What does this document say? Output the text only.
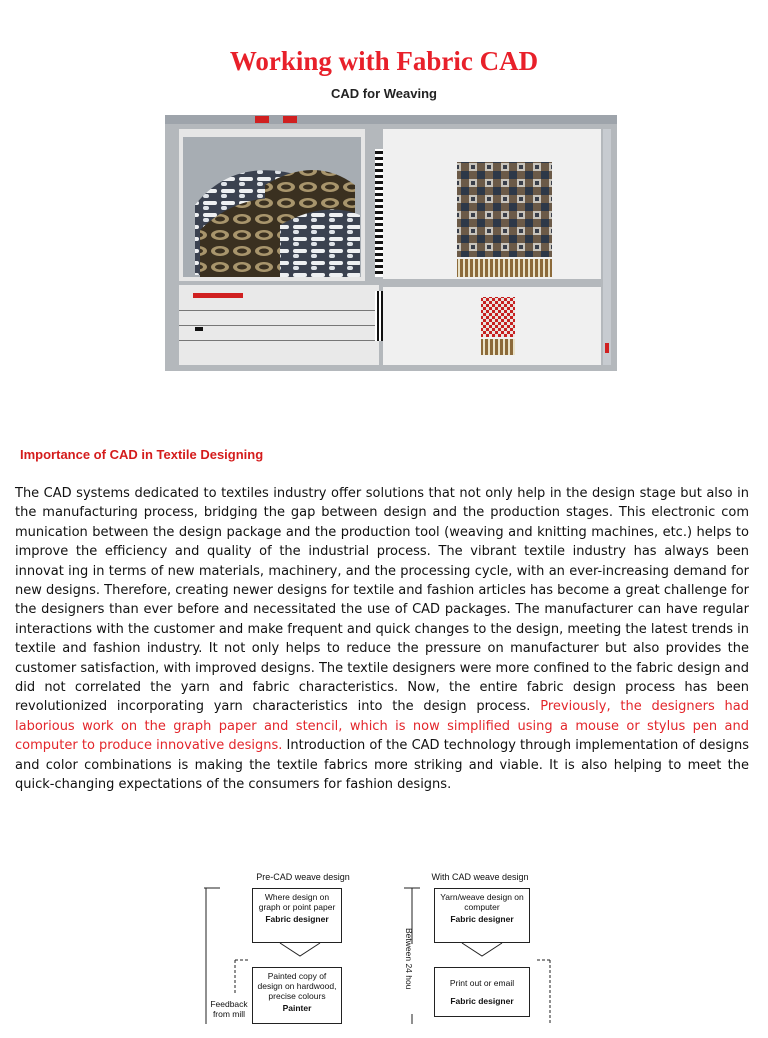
Working with Fabric CAD
CAD for Weaving
Importance of CAD in Textile Designing

The CAD systems dedicated to textiles industry offer solutions that not only help in the design stage but also in the manufacturing process, bridging the gap between design and the production stages. This electronic com munication between the design package and the production tool (weaving and knitting machines, etc.) helps to improve the efficiency and quality of the industrial process. The vibrant textile industry has always been innovat ing in terms of new materials, machinery, and the processing cycle, with an ever-increasing demand for new designs. Therefore, creating newer designs for textile and fashion articles has become a great challenge for the designers than ever before and necessitated the use of CAD packages. The manufacturer can have regular interactions with the customer and make frequent and quick changes to the design, meeting the latest trends in textile and fashion industry. It not only helps to reduce the pressure on manufacturer but also provides the customer satisfaction, with improved designs. The textile designers were more confined to the fabric design and did not correlated the yarn and fabric characteristics. Now, the entire fabric design process has been revolutionized incorporating yarn characteristics into the design process. Previously, the designers had laborious work on the graph paper and stencil, which is now simplified using a mouse or stylus pen and computer to produce innovative designs. Introduction of the CAD technology through implementation of designs and color combinations is making the textile fabrics more striking and viable. It is also helping to meet the quick-changing expectations of the consumers for fashion designs.

Pre-CAD weave design	With CAD weave design
Where design on graph or point paper
Fabric designer
Painted copy of design on hardwood, precise colours
Painter
Yarn/weave design on computer
Fabric designer
Print out or email
Fabric designer
Feedback from mill
Between 24 hou
